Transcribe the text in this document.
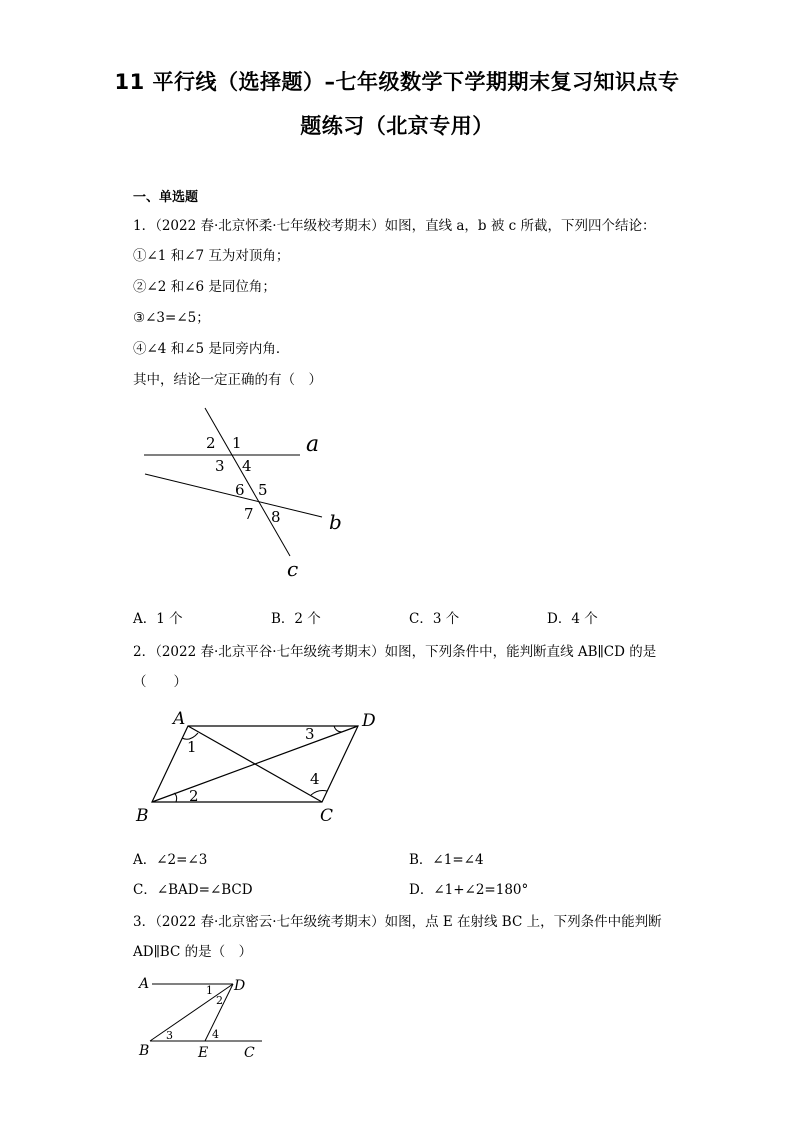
11 平行线（选择题）–七年级数学下学期期末复习知识点专
题练习（北京专用）
一、单选题
1．（2022 春·北京怀柔·七年级校考期末）如图，直线 a，b 被 c 所截，下列四个结论：
①∠1 和∠7 互为对顶角；
②∠2 和∠6 是同位角；
③∠3=∠5；
④∠4 和∠5 是同旁内角．
其中，结论一定正确的有（　）
a
b
c
2 1
3 4
6 5
7 8
A．1 个	B．2 个	C．3 个	D．4 个
2．（2022 春·北京平谷·七年级统考期末）如图，下列条件中，能判断直线 AB∥CD 的是
（　　）
A	D
B	C
1
2
3
4
A．∠2=∠3	B．∠1=∠4
C．∠BAD=∠BCD	D．∠1+∠2=180°
3．（2022 春·北京密云·七年级统考期末）如图，点 E 在射线 BC 上，下列条件中能判断
AD∥BC 的是（　）
A	D
B	E	C
1
2
3	4
